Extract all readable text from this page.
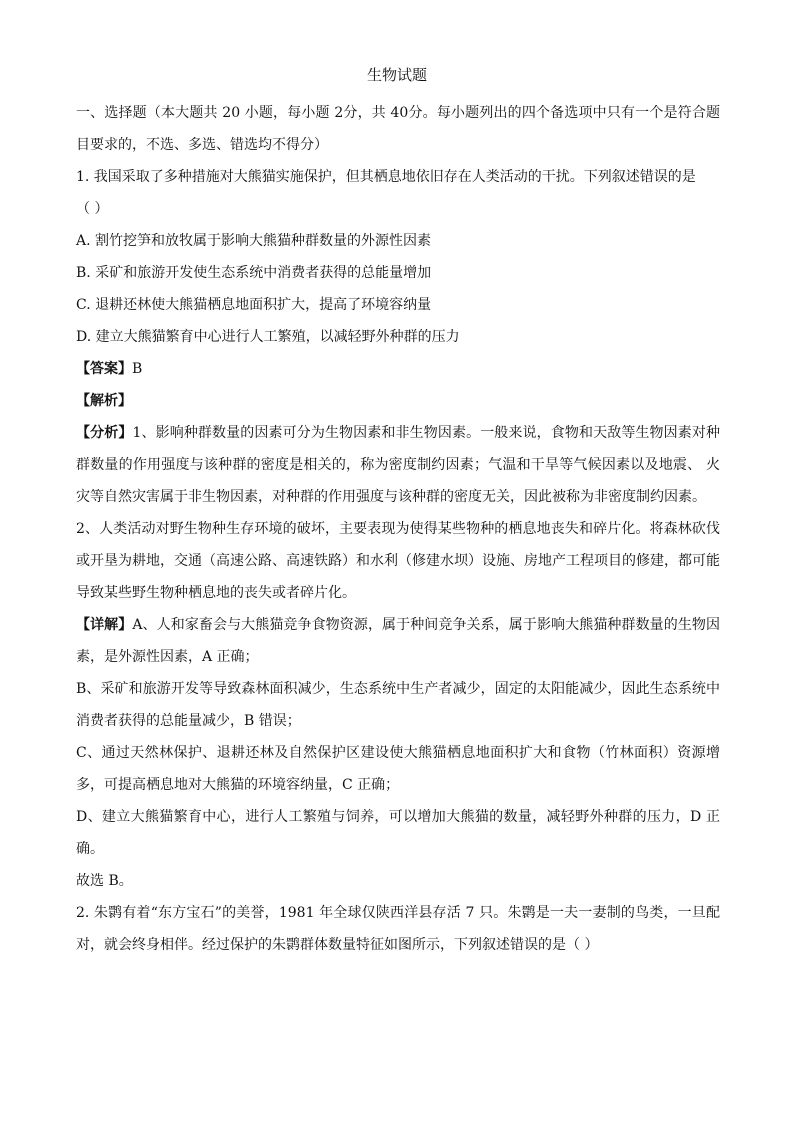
生物试题

一、选择题（本大题共 20 小题，每小题 2分，共 40分。每小题列出的四个备选项中只有一个是符合题目要求的，不选、多选、错选均不得分）

1. 我国采取了多种措施对大熊猫实施保护，但其栖息地依旧存在人类活动的干扰。下列叙述错误的是

（ ）

A. 割竹挖笋和放牧属于影响大熊猫种群数量的外源性因素

B. 采矿和旅游开发使生态系统中消费者获得的总能量增加

C. 退耕还林使大熊猫栖息地面积扩大，提高了环境容纳量

D. 建立大熊猫繁育中心进行人工繁殖，以减轻野外种群的压力

【答案】B

【解析】

【分析】1、影响种群数量的因素可分为生物因素和非生物因素。一般来说，食物和天敌等生物因素对种群数量的作用强度与该种群的密度是相关的，称为密度制约因素；气温和干旱等气候因素以及地震、 火灾等自然灾害属于非生物因素，对种群的作用强度与该种群的密度无关，因此被称为非密度制约因素。

2、人类活动对野生物种生存环境的破坏，主要表现为使得某些物种的栖息地丧失和碎片化。将森林砍伐或开垦为耕地，交通（高速公路、高速铁路）和水利（修建水坝）设施、房地产工程项目的修建，都可能导致某些野生物种栖息地的丧失或者碎片化。

【详解】A、人和家畜会与大熊猫竞争食物资源，属于种间竞争关系，属于影响大熊猫种群数量的生物因素，是外源性因素，A 正确；

B、采矿和旅游开发等导致森林面积减少，生态系统中生产者减少，固定的太阳能减少，因此生态系统中消费者获得的总能量减少，B 错误；

C、通过天然林保护、退耕还林及自然保护区建设使大熊猫栖息地面积扩大和食物（竹林面积）资源增多，可提高栖息地对大熊猫的环境容纳量，C 正确；

D、建立大熊猫繁育中心，进行人工繁殖与饲养，可以增加大熊猫的数量，减轻野外种群的压力，D 正确。

故选 B。

2. 朱鹮有着“东方宝石”的美誉，1981 年全球仅陕西洋县存活 7 只。朱鹮是一夫一妻制的鸟类，一旦配对，就会终身相伴。经过保护的朱鹮群体数量特征如图所示，下列叙述错误的是（ ）
